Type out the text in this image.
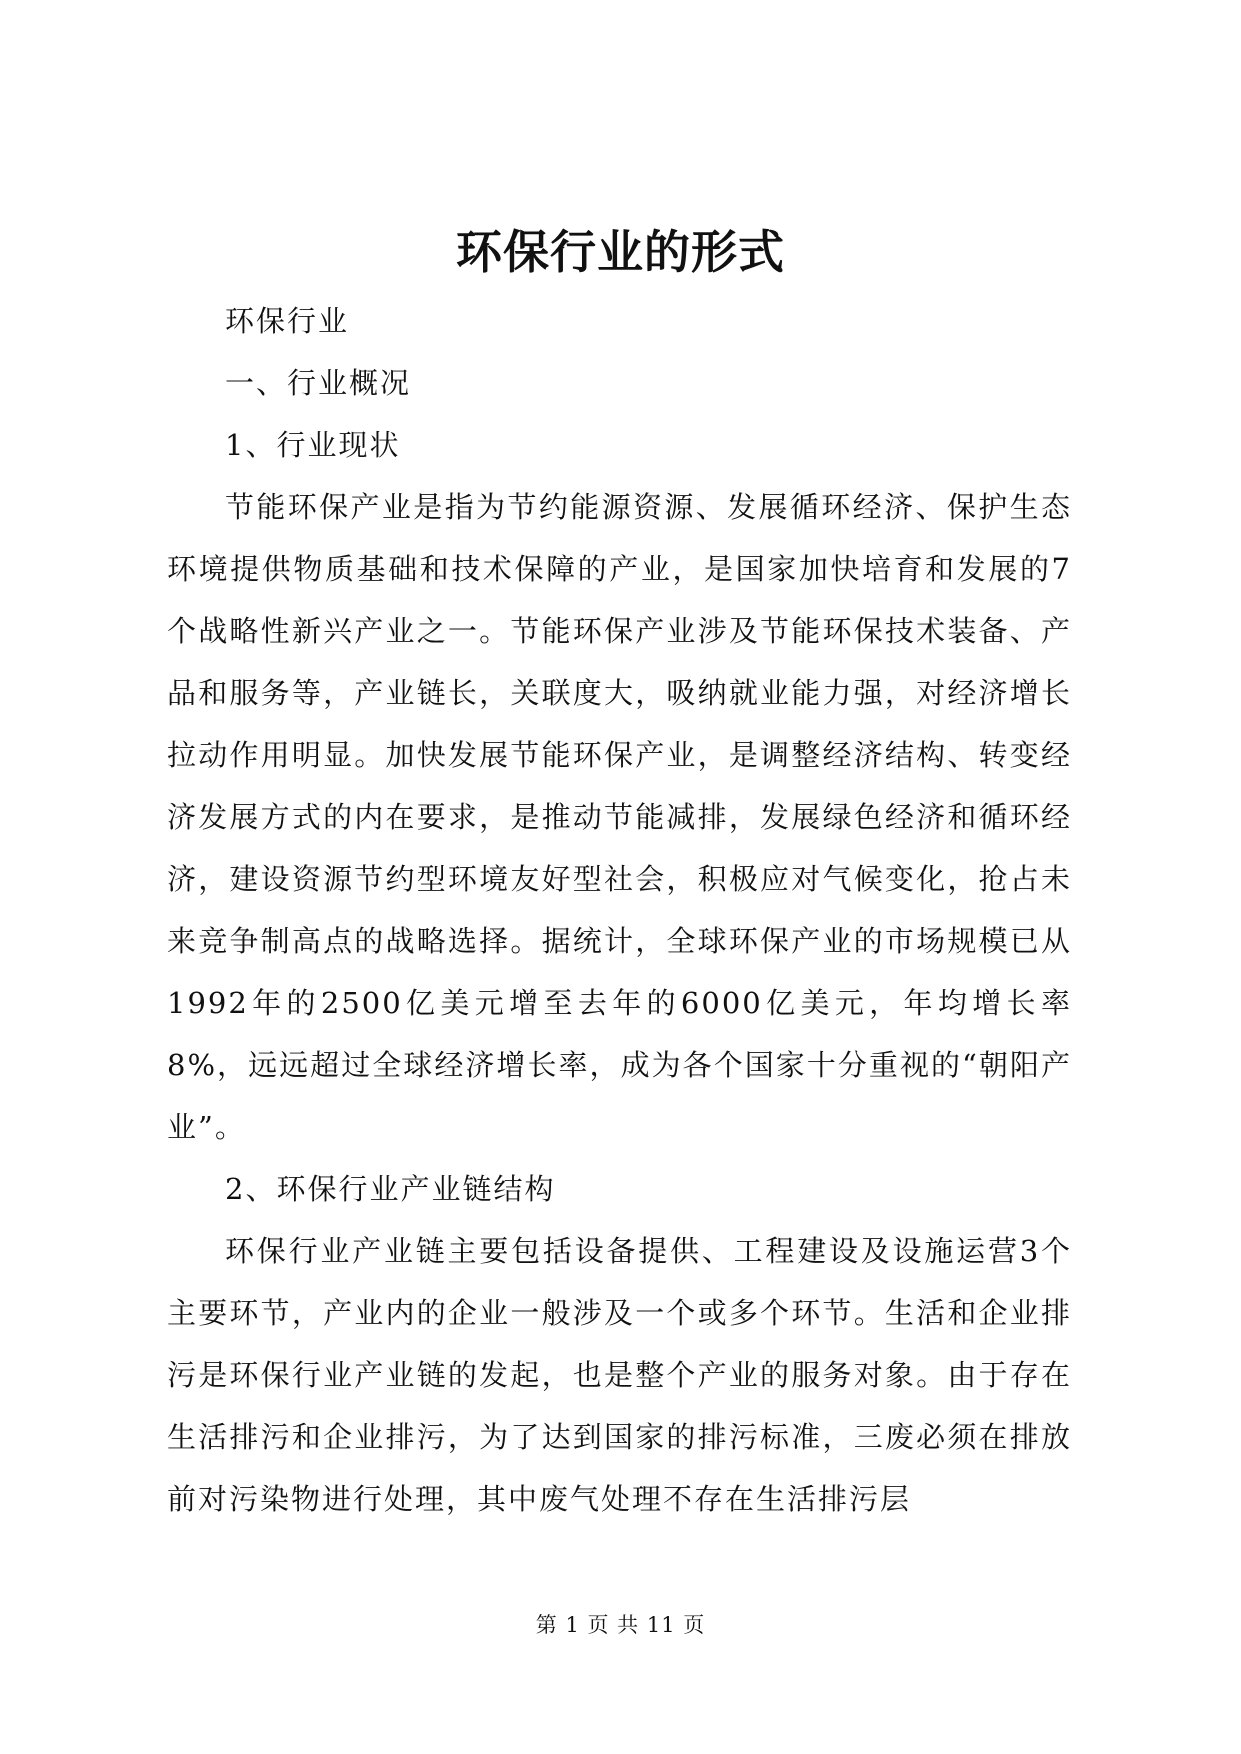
环保行业的形式

环保行业

一、行业概况

1、行业现状

节能环保产业是指为节约能源资源、发展循环经济、保护生态环境提供物质基础和技术保障的产业，是国家加快培育和发展的7个战略性新兴产业之一。节能环保产业涉及节能环保技术装备、产品和服务等，产业链长，关联度大，吸纳就业能力强，对经济增长拉动作用明显。加快发展节能环保产业，是调整经济结构、转变经济发展方式的内在要求，是推动节能减排，发展绿色经济和循环经济，建设资源节约型环境友好型社会，积极应对气候变化，抢占未来竞争制高点的战略选择。据统计，全球环保产业的市场规模已从1992年的2500亿美元增至去年的6000亿美元，年均增长率8%，远远超过全球经济增长率，成为各个国家十分重视的“朝阳产业”。

2、环保行业产业链结构

环保行业产业链主要包括设备提供、工程建设及设施运营3个主要环节，产业内的企业一般涉及一个或多个环节。生活和企业排污是环保行业产业链的发起，也是整个产业的服务对象。由于存在生活排污和企业排污，为了达到国家的排污标准，三废必须在排放前对污染物进行处理，其中废气处理不存在生活排污层

第 1 页 共 11 页
